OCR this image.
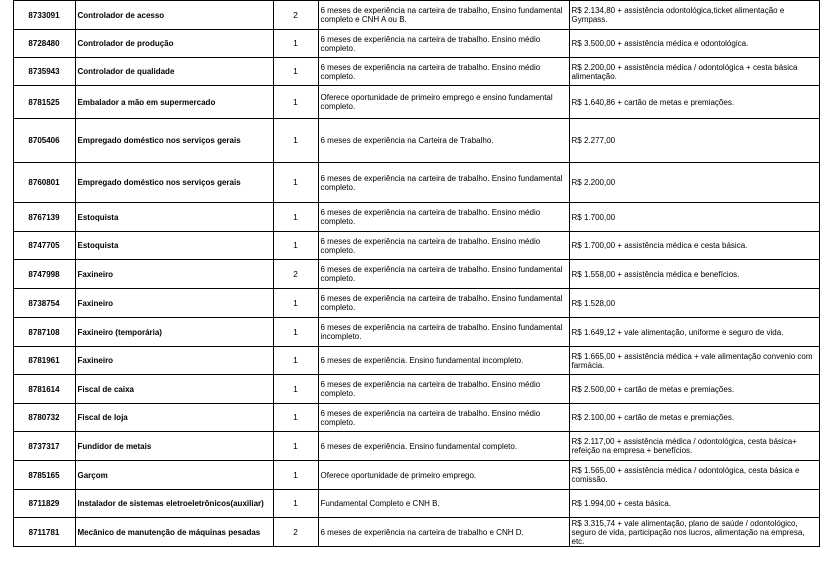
	8733091	Controlador de acesso	2	6 meses de experiência na carteira de trabalho, Ensino fundamental completo e CNH A ou B.	R$ 2.134,80 + assistência odontológica,ticket alimentação e Gympass.
	8728480	Controlador de produção	1	6 meses de experiência na carteira de trabalho. Ensino médio completo.	R$ 3.500,00 + assistência médica e odontológica.
	8735943	Controlador de qualidade	1	6 meses de experiência na carteira de trabalho. Ensino médio completo.	R$ 2.200,00 + assistência médica / odontológica + cesta básica alimentação.
	8781525	Embalador a mão em supermercado	1	Oferece oportunidade de primeiro emprego e ensino fundamental completo.	R$ 1.640,86 + cartão de metas e premiações.
	8705406	Empregado doméstico nos serviços gerais	1	6 meses de experiência na Carteira de Trabalho.	R$ 2.277,00
	8760801	Empregado doméstico nos serviços gerais	1	6 meses de experiência na carteira de trabalho. Ensino fundamental completo.	R$ 2.200,00
	8767139	Estoquista	1	6 meses de experiência na carteira de trabalho. Ensino médio completo.	R$ 1.700,00
	8747705	Estoquista	1	6 meses de experiência na carteira de trabalho. Ensino médio completo.	R$ 1.700,00 + assistência médica e cesta básica.
	8747998	Faxineiro	2	6 meses de experiência na carteira de trabalho. Ensino fundamental completo.	R$ 1.558,00 + assistência médica e benefícios.
	8738754	Faxineiro	1	6 meses de experiência na carteira de trabalho. Ensino fundamental completo.	R$ 1.528,00
	8787108	Faxineiro (temporária)	1	6 meses de experiência na carteira de trabalho. Ensino fundamental incompleto.	R$ 1.649,12 + vale alimentação, uniforme e seguro de vida.
	8781961	Faxineiro	1	6 meses de experiência. Ensino fundamental incompleto.	R$ 1.665,00 + assistência médica + vale alimentação convenio com farmácia.
	8781614	Fiscal de caixa	1	6 meses de experiência na carteira de trabalho. Ensino médio completo.	R$ 2.500,00 + cartão de metas e premiações.
	8780732	Fiscal de loja	1	6 meses de experiência na carteira de trabalho. Ensino médio completo.	R$ 2.100,00 + cartão de metas e premiações.
	8737317	Fundidor de metais	1	6 meses de experiência. Ensino fundamental completo.	R$ 2.117,00 + assistência médica / odontológica, cesta básica+ refeição na empresa + benefícios.
	8785165	Garçom	1	Oferece oportunidade de primeiro emprego.	R$ 1.565,00 + assistência médica / odontológica, cesta básica e comissão.
	8711829	Instalador de sistemas eletroeletrônicos(auxiliar)	1	Fundamental Completo e CNH B.	R$ 1.994,00 + cesta básica.
	8711781	Mecânico de manutenção de máquinas pesadas	2	6 meses de experiência na carteira de trabalho e CNH D.	R$ 3.315,74 + vale alimentação, plano de saúde / odontológico, seguro de vida, participação nos lucros, alimentação na empresa, etc.
